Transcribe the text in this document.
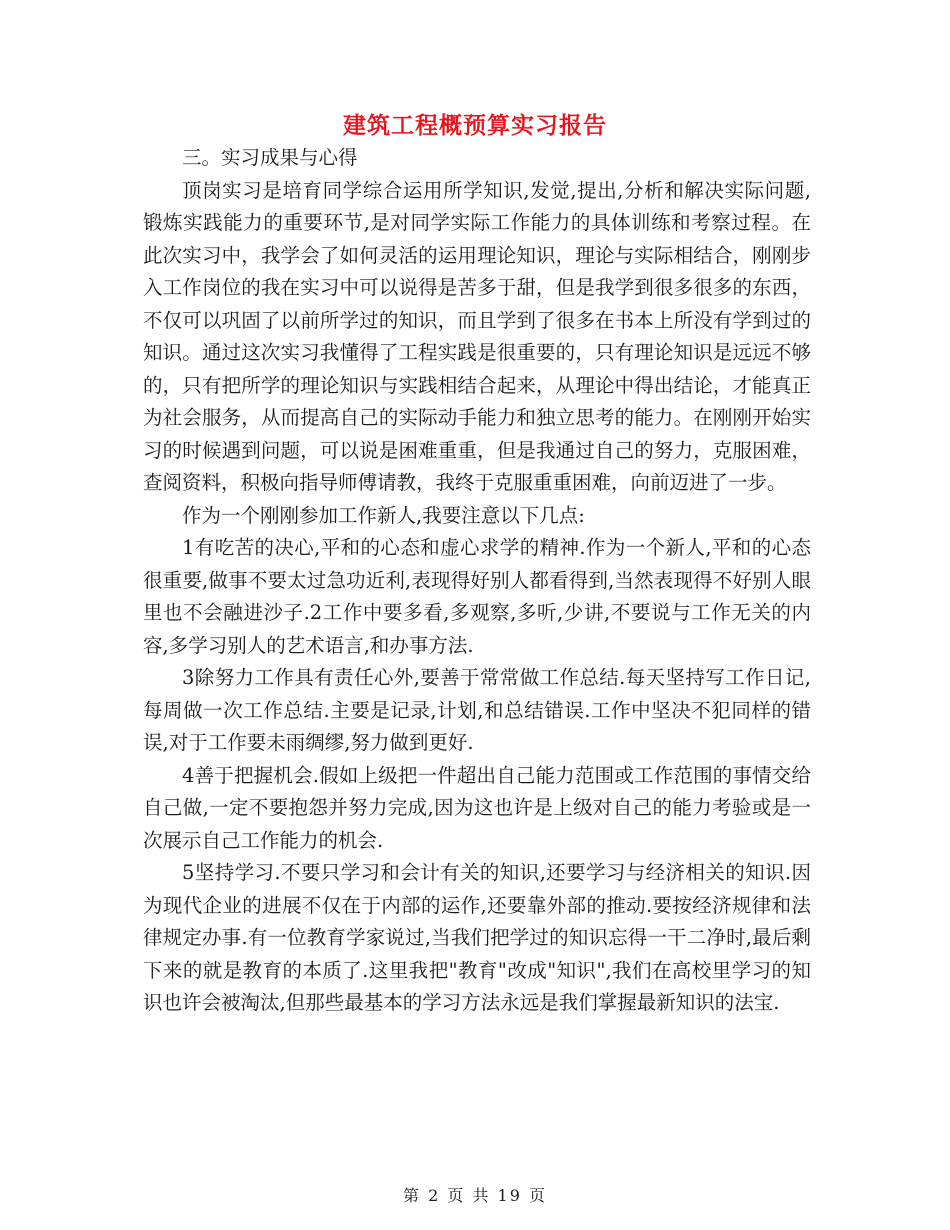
建筑工程概预算实习报告

三。实习成果与心得

顶岗实习是培育同学综合运用所学知识,发觉,提出,分析和解决实际问题,锻炼实践能力的重要环节,是对同学实际工作能力的具体训练和考察过程。在此次实习中，我学会了如何灵活的运用理论知识，理论与实际相结合，刚刚步入工作岗位的我在实习中可以说得是苦多于甜，但是我学到很多很多的东西，不仅可以巩固了以前所学过的知识，而且学到了很多在书本上所没有学到过的知识。通过这次实习我懂得了工程实践是很重要的，只有理论知识是远远不够的，只有把所学的理论知识与实践相结合起来，从理论中得出结论，才能真正为社会服务，从而提高自己的实际动手能力和独立思考的能力。在刚刚开始实习的时候遇到问题，可以说是困难重重，但是我通过自己的努力，克服困难，查阅资料，积极向指导师傅请教，我终于克服重重困难，向前迈进了一步。

作为一个刚刚参加工作新人,我要注意以下几点:

1有吃苦的决心,平和的心态和虚心求学的精神.作为一个新人,平和的心态很重要,做事不要太过急功近利,表现得好别人都看得到,当然表现得不好别人眼里也不会融进沙子.2工作中要多看,多观察,多听,少讲,不要说与工作无关的内容,多学习别人的艺术语言,和办事方法.

3除努力工作具有责任心外,要善于常常做工作总结.每天坚持写工作日记,每周做一次工作总结.主要是记录,计划,和总结错误.工作中坚决不犯同样的错误,对于工作要未雨绸缪,努力做到更好.

4善于把握机会.假如上级把一件超出自己能力范围或工作范围的事情交给自己做,一定不要抱怨并努力完成,因为这也许是上级对自己的能力考验或是一次展示自己工作能力的机会.

5坚持学习.不要只学习和会计有关的知识,还要学习与经济相关的知识.因为现代企业的进展不仅在于内部的运作,还要靠外部的推动.要按经济规律和法律规定办事.有一位教育学家说过,当我们把学过的知识忘得一干二净时,最后剩下来的就是教育的本质了.这里我把"教育"改成"知识",我们在高校里学习的知识也许会被淘汰,但那些最基本的学习方法永远是我们掌握最新知识的法宝.

第 2 页 共 19 页
